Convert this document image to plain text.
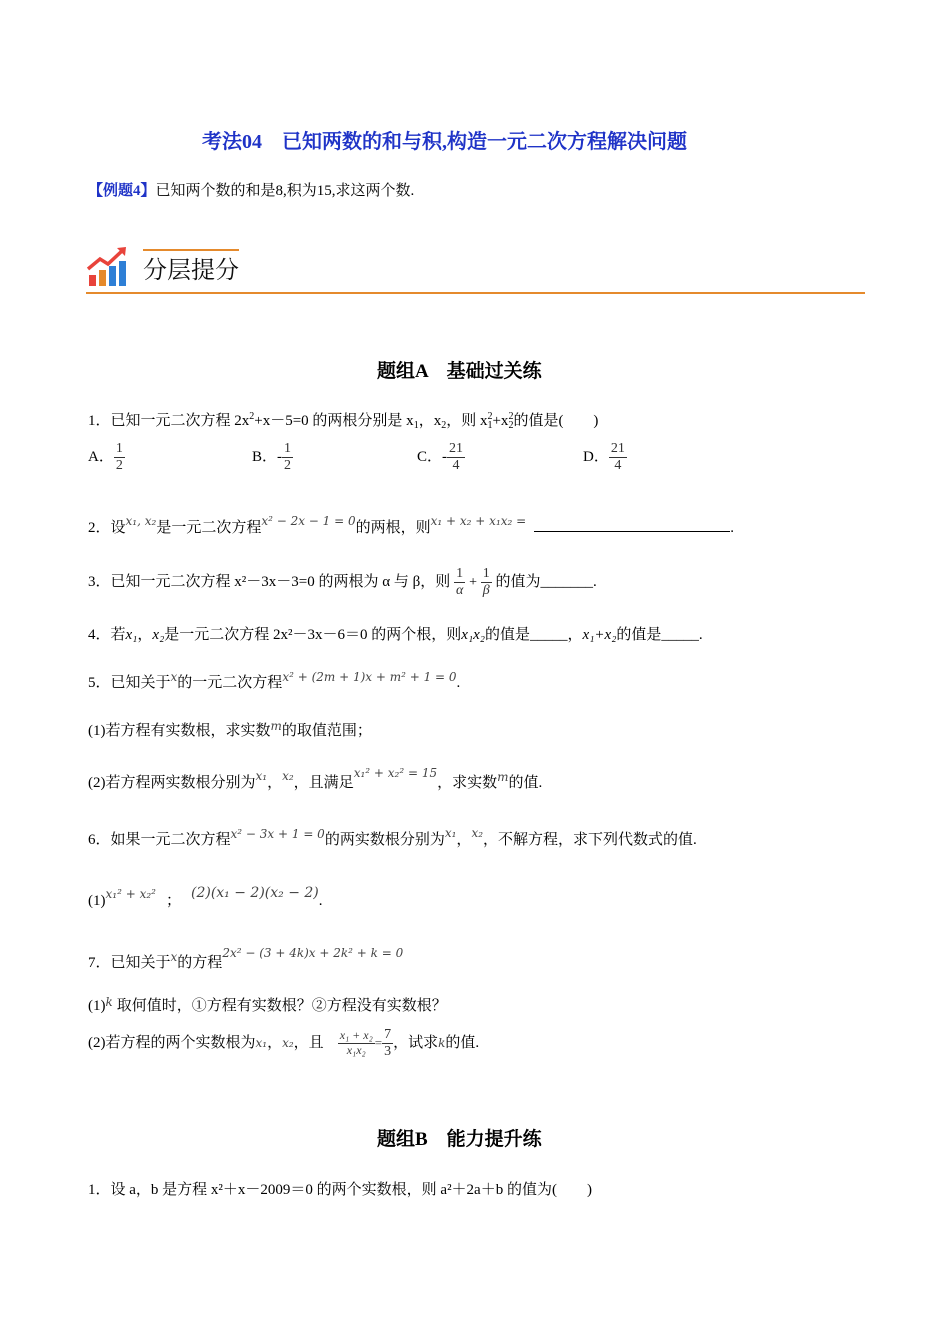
考法04　已知两数的和与积,构造一元二次方程解决问题
【例题4】已知两个数的和是8,积为15,求这两个数.
分层提分
题组A　基础过关练
1．已知一元二次方程 $2x^2+x-5=0$ 的两根分别是 $x_1$，$x_2$，则 $x_1^2+x_2^2$的值是(　　)
A． $\frac{1}{2}$	B．- $\frac{1}{2}$	C．- $\frac{21}{4}$	D． $\frac{21}{4}$
2．设$^{x_1, x_2}$是一元二次方程$^{x^2 - 2x - 1 = 0}$的两根，则$^{x_1 + x_2 + x_1x_2 =}$	.
3．已知一元二次方程 x²－3x－3=0 的两根为 α 与 β，则 $\frac{1}{\alpha} + \frac{1}{\beta}$ 的值为_______.
4．若x₁，x₂是一元二次方程 2x²－3x－6＝0 的两个根，则x₁x₂的值是_____，x₁+x₂的值是_____.
5．已知关于$^x$的一元二次方程$^{x^2 + (2m + 1)x + m^2 + 1 = 0}$.
(1)若方程有实数根，求实数$^m$的取值范围；
(2)若方程两实数根分别为$^{x_1}$，$^{x_2}$，且满足$^{x_1^2 + x_2^2 = 15}$，求实数$^m$的值.
6．如果一元二次方程$^{x^2 - 3x + 1 = 0}$的两实数根分别为$^{x_1}$，$^{x_2}$，不解方程，求下列代数式的值.
$(1)^{x_1^2 + x_2^2}$ ； (2)(x₁ − 2)(x₂ − 2).
7．已知关于$^x$的方程$^{2x^2 - (3 + 4k)x + 2k^2 + k = 0}$
$(1)^k$ 取何值时，①方程有实数根？②方程没有实数根？
(2)若方程的两个实数根为x₁，x₂，且 $\frac{\text{x₁ + x₂}}{\text{x₁x₂}} = \frac{7}{3}$ ，试求k的值.
题组B　能力提升练
1．设 a，b 是方程 x²＋x－2009＝0 的两个实数根，则 a²＋2a＋b 的值为(　　)
